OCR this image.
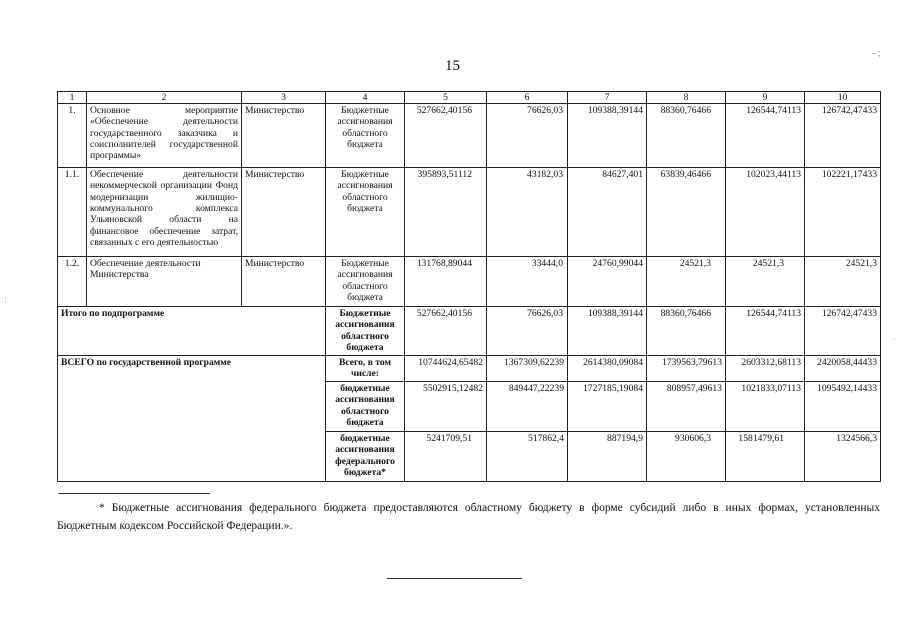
15
1	2	3	4	5	6	7	8	9	10
1.	Основное мероприятие «Обеспечение деятельности государственного заказчика и соисполнителей государственной программы»	Министерство	Бюджетные ассигнования областного бюджета	527662,40156	76626,03	109388,39144	88360,76466	126544,74113	126742,47433
1.1.	Обеспечение деятельности некоммерческой организации Фонд модернизации жилищно-коммунального комплекса Ульяновской области на финансовое обеспечение затрат, связанных с его деятельностью	Министерство	Бюджетные ассигнования областного бюджета	395893,51112	43182,03	84627,401	63839,46466	102023,44113	102221,17433
1.2.	Обеспечение деятельности Министерства	Министерство	Бюджетные ассигнования областного бюджета	131768,89044	33444,0	24760,99044	24521,3	24521,3	24521,3
Итого по подпрограмме			Бюджетные ассигнования областного бюджета	527662,40156	76626,03	109388,39144	88360,76466	126544,74113	126742,47433
ВСЕГО по государственной программе			Всего, в том числе:	10744624,65482	1367309,62239	2614380,09084	1739563,79613	2603312,68113	2420058,44433
			бюджетные ассигнования областного бюджета	5502915,12482	849447,22239	1727185,19084	808957,49613	1021833,07113	1095492,14433
			бюджетные ассигнования федерального бюджета*	5241709,51	517862,4	887194,9	930606,3	1581479,61	1324566,3
* Бюджетные ассигнования федерального бюджета предоставляются областному бюджету в форме субсидий либо в иных формах, установленных Бюджетным кодексом Российской Федерации.».
- ;
:
.
